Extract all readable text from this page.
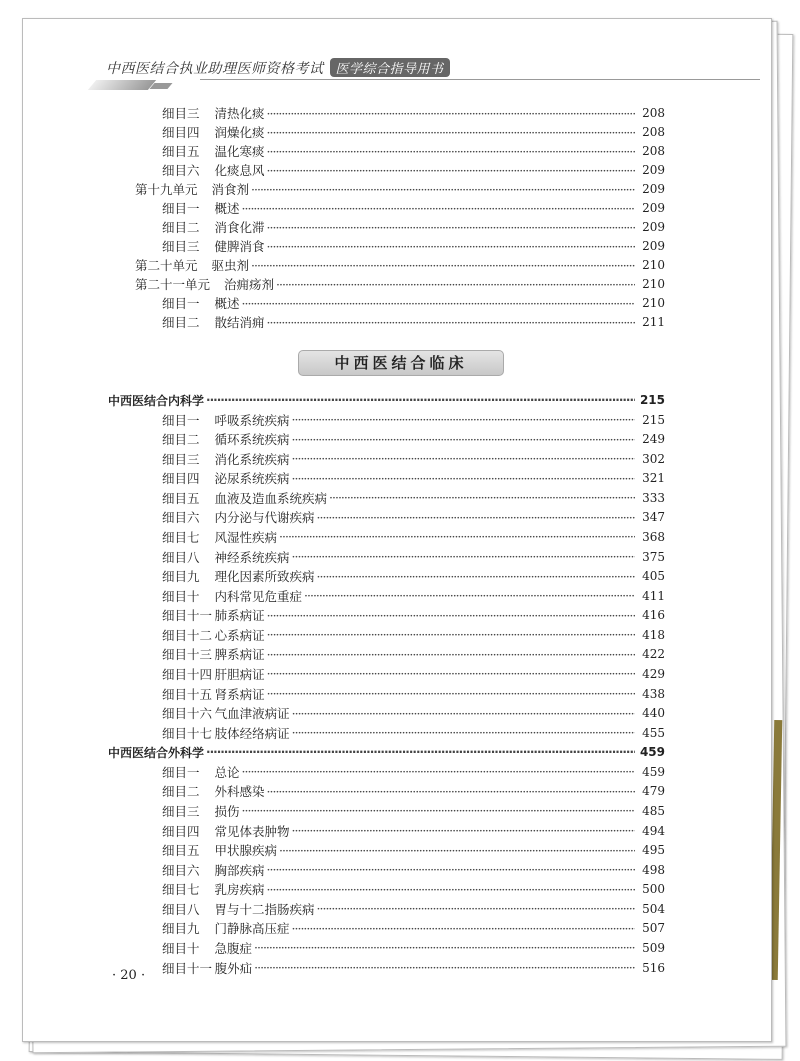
中西医结合执业助理医师资格考试 医学综合指导用书
细目三 清热化痰 ·····	208
细目四 润燥化痰 ·····	208
细目五 温化寒痰 ·····	208
细目六 化痰息风 ·····	209
第十九单元 消食剂 ·····	209
细目一 概述 ·····	209
细目二 消食化滞 ·····	209
细目三 健脾消食 ·····	209
第二十单元 驱虫剂 ·····	210
第二十一单元 治痈疡剂 ·····	210
细目一 概述 ·····	210
细目二 散结消痈 ·····	211
中西医结合临床
中西医结合内科学 ·····	215
细目一 呼吸系统疾病 ·····	215
细目二 循环系统疾病 ·····	249
细目三 消化系统疾病 ·····	302
细目四 泌尿系统疾病 ·····	321
细目五 血液及造血系统疾病 ·····	333
细目六 内分泌与代谢疾病 ·····	347
细目七 风湿性疾病 ·····	368
细目八 神经系统疾病 ·····	375
细目九 理化因素所致疾病 ·····	405
细目十 内科常见危重症 ·····	411
细目十一 肺系病证 ·····	416
细目十二 心系病证 ·····	418
细目十三 脾系病证 ·····	422
细目十四 肝胆病证 ·····	429
细目十五 肾系病证 ·····	438
细目十六 气血津液病证 ·····	440
细目十七 肢体经络病证 ·····	455
中西医结合外科学 ·····	459
细目一 总论 ·····	459
细目二 外科感染 ·····	479
细目三 损伤 ·····	485
细目四 常见体表肿物 ·····	494
细目五 甲状腺疾病 ·····	495
细目六 胸部疾病 ·····	498
细目七 乳房疾病 ·····	500
细目八 胃与十二指肠疾病 ·····	504
细目九 门静脉高压症 ·····	507
细目十 急腹症 ·····	509
细目十一 腹外疝 ·····	516
· 20 ·
